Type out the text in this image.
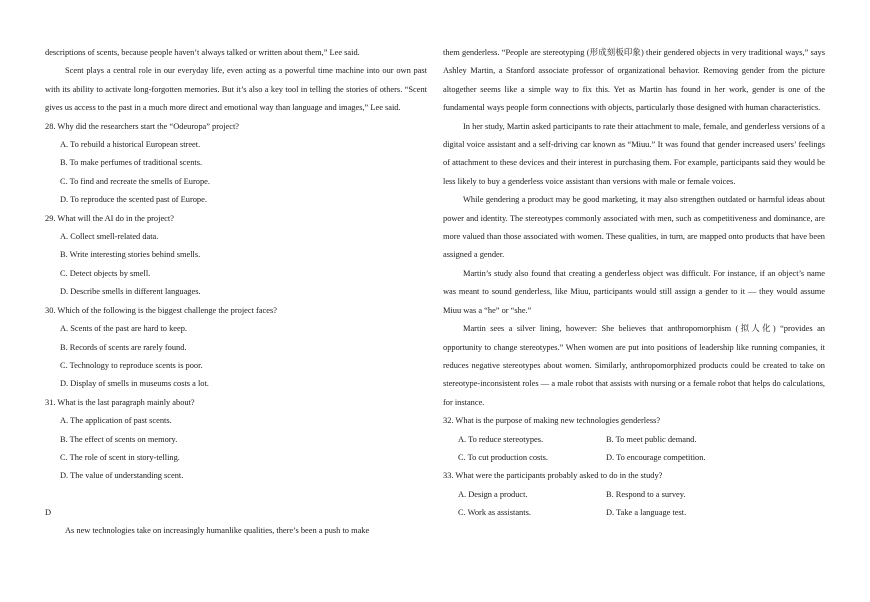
descriptions of scents, because people haven’t always talked or written about them,” Lee said.

Scent plays a central role in our everyday life, even acting as a powerful time machine into our own past with its ability to activate long-forgotten memories. But it’s also a key tool in telling the stories of others. “Scent gives us access to the past in a much more direct and emotional way than language and images,” Lee said.

28. Why did the researchers start the “Odeuropa” project?

A. To rebuild a historical European street.

B. To make perfumes of traditional scents.

C. To find and recreate the smells of Europe.

D. To reproduce the scented past of Europe.

29. What will the AI do in the project?

A. Collect smell-related data.

B. Write interesting stories behind smells.

C. Detect objects by smell.

D. Describe smells in different languages.

30. Which of the following is the biggest challenge the project faces?

A. Scents of the past are hard to keep.

B. Records of scents are rarely found.

C. Technology to reproduce scents is poor.

D. Display of smells in museums costs a lot.

31. What is the last paragraph mainly about?

A. The application of past scents.

B. The effect of scents on memory.

C. The role of scent in story-telling.

D. The value of understanding scent.

D

As new technologies take on increasingly humanlike qualities, there’s been a push to make

them genderless. “People are stereotyping (形成刻板印象) their gendered objects in very traditional ways,” says Ashley Martin, a Stanford associate professor of organizational behavior. Removing gender from the picture altogether seems like a simple way to fix this. Yet as Martin has found in her work, gender is one of the fundamental ways people form connections with objects, particularly those designed with human characteristics.

In her study, Martin asked participants to rate their attachment to male, female, and genderless versions of a digital voice assistant and a self-driving car known as “Miuu.” It was found that gender increased users’ feelings of attachment to these devices and their interest in purchasing them. For example, participants said they would be less likely to buy a genderless voice assistant than versions with male or female voices.

While gendering a product may be good marketing, it may also strengthen outdated or harmful ideas about power and identity. The stereotypes commonly associated with men, such as competitiveness and dominance, are more valued than those associated with women. These qualities, in turn, are mapped onto products that have been assigned a gender.

Martin’s study also found that creating a genderless object was difficult. For instance, if an object’s name was meant to sound genderless, like Miuu, participants would still assign a gender to it — they would assume Miuu was a “he” or “she.”

Martin sees a silver lining, however: She believes that anthropomorphism (拟人化) “provides an opportunity to change stereotypes.” When women are put into positions of leadership like running companies, it reduces negative stereotypes about women. Similarly, anthropomorphized products could be created to take on stereotype-inconsistent roles — a male robot that assists with nursing or a female robot that helps do calculations, for instance.

32. What is the purpose of making new technologies genderless?

A. To reduce stereotypes.	B. To meet public demand.
C. To cut production costs.	D. To encourage competition.

33. What were the participants probably asked to do in the study?

A. Design a product.	B. Respond to a survey.
C. Work as assistants.	D. Take a language test.
